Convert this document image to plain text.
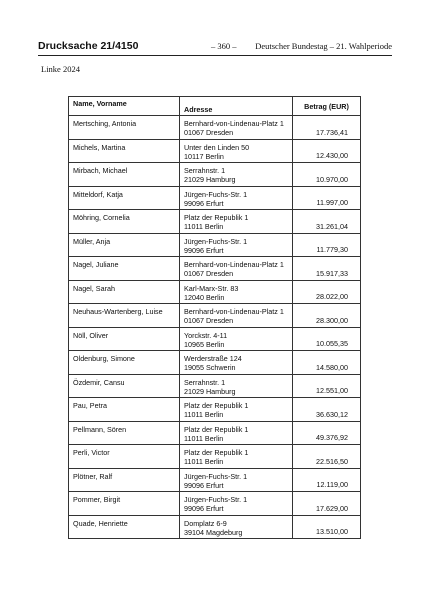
Drucksache 21/4150	– 360 – Deutscher Bundestag – 21. Wahlperiode
Linke 2024
Name, Vorname	Adresse	Betrag (EUR)
Mertsching, Antonia	Bernhard-von-Lindenau-Platz 1
01067 Dresden	17.736,41
Michels, Martina	Unter den Linden 50
10117 Berlin	12.430,00
Mirbach, Michael	Serrahnstr. 1
21029 Hamburg	10.970,00
Mitteldorf, Katja	Jürgen-Fuchs-Str. 1
99096 Erfurt	11.997,00
Möhring, Cornelia	Platz der Republik 1
11011 Berlin	31.261,04
Müller, Anja	Jürgen-Fuchs-Str. 1
99096 Erfurt	11.779,30
Nagel, Juliane	Bernhard-von-Lindenau-Platz 1
01067 Dresden	15.917,33
Nagel, Sarah	Karl-Marx-Str. 83
12040 Berlin	28.022,00
Neuhaus-Wartenberg, Luise	Bernhard-von-Lindenau-Platz 1
01067 Dresden	28.300,00
Nöll, Oliver	Yorckstr. 4-11
10965 Berlin	10.055,35
Oldenburg, Simone	Werderstraße 124
19055 Schwerin	14.580,00
Özdemir, Cansu	Serrahnstr. 1
21029 Hamburg	12.551,00
Pau, Petra	Platz der Republik 1
11011 Berlin	36.630,12
Pellmann, Sören	Platz der Republik 1
11011 Berlin	49.376,92
Perli, Victor	Platz der Republik 1
11011 Berlin	22.516,50
Plötner, Ralf	Jürgen-Fuchs-Str. 1
99096 Erfurt	12.119,00
Pommer, Birgit	Jürgen-Fuchs-Str. 1
99096 Erfurt	17.629,00
Quade, Henriette	Domplatz 6-9
39104 Magdeburg	13.510,00
